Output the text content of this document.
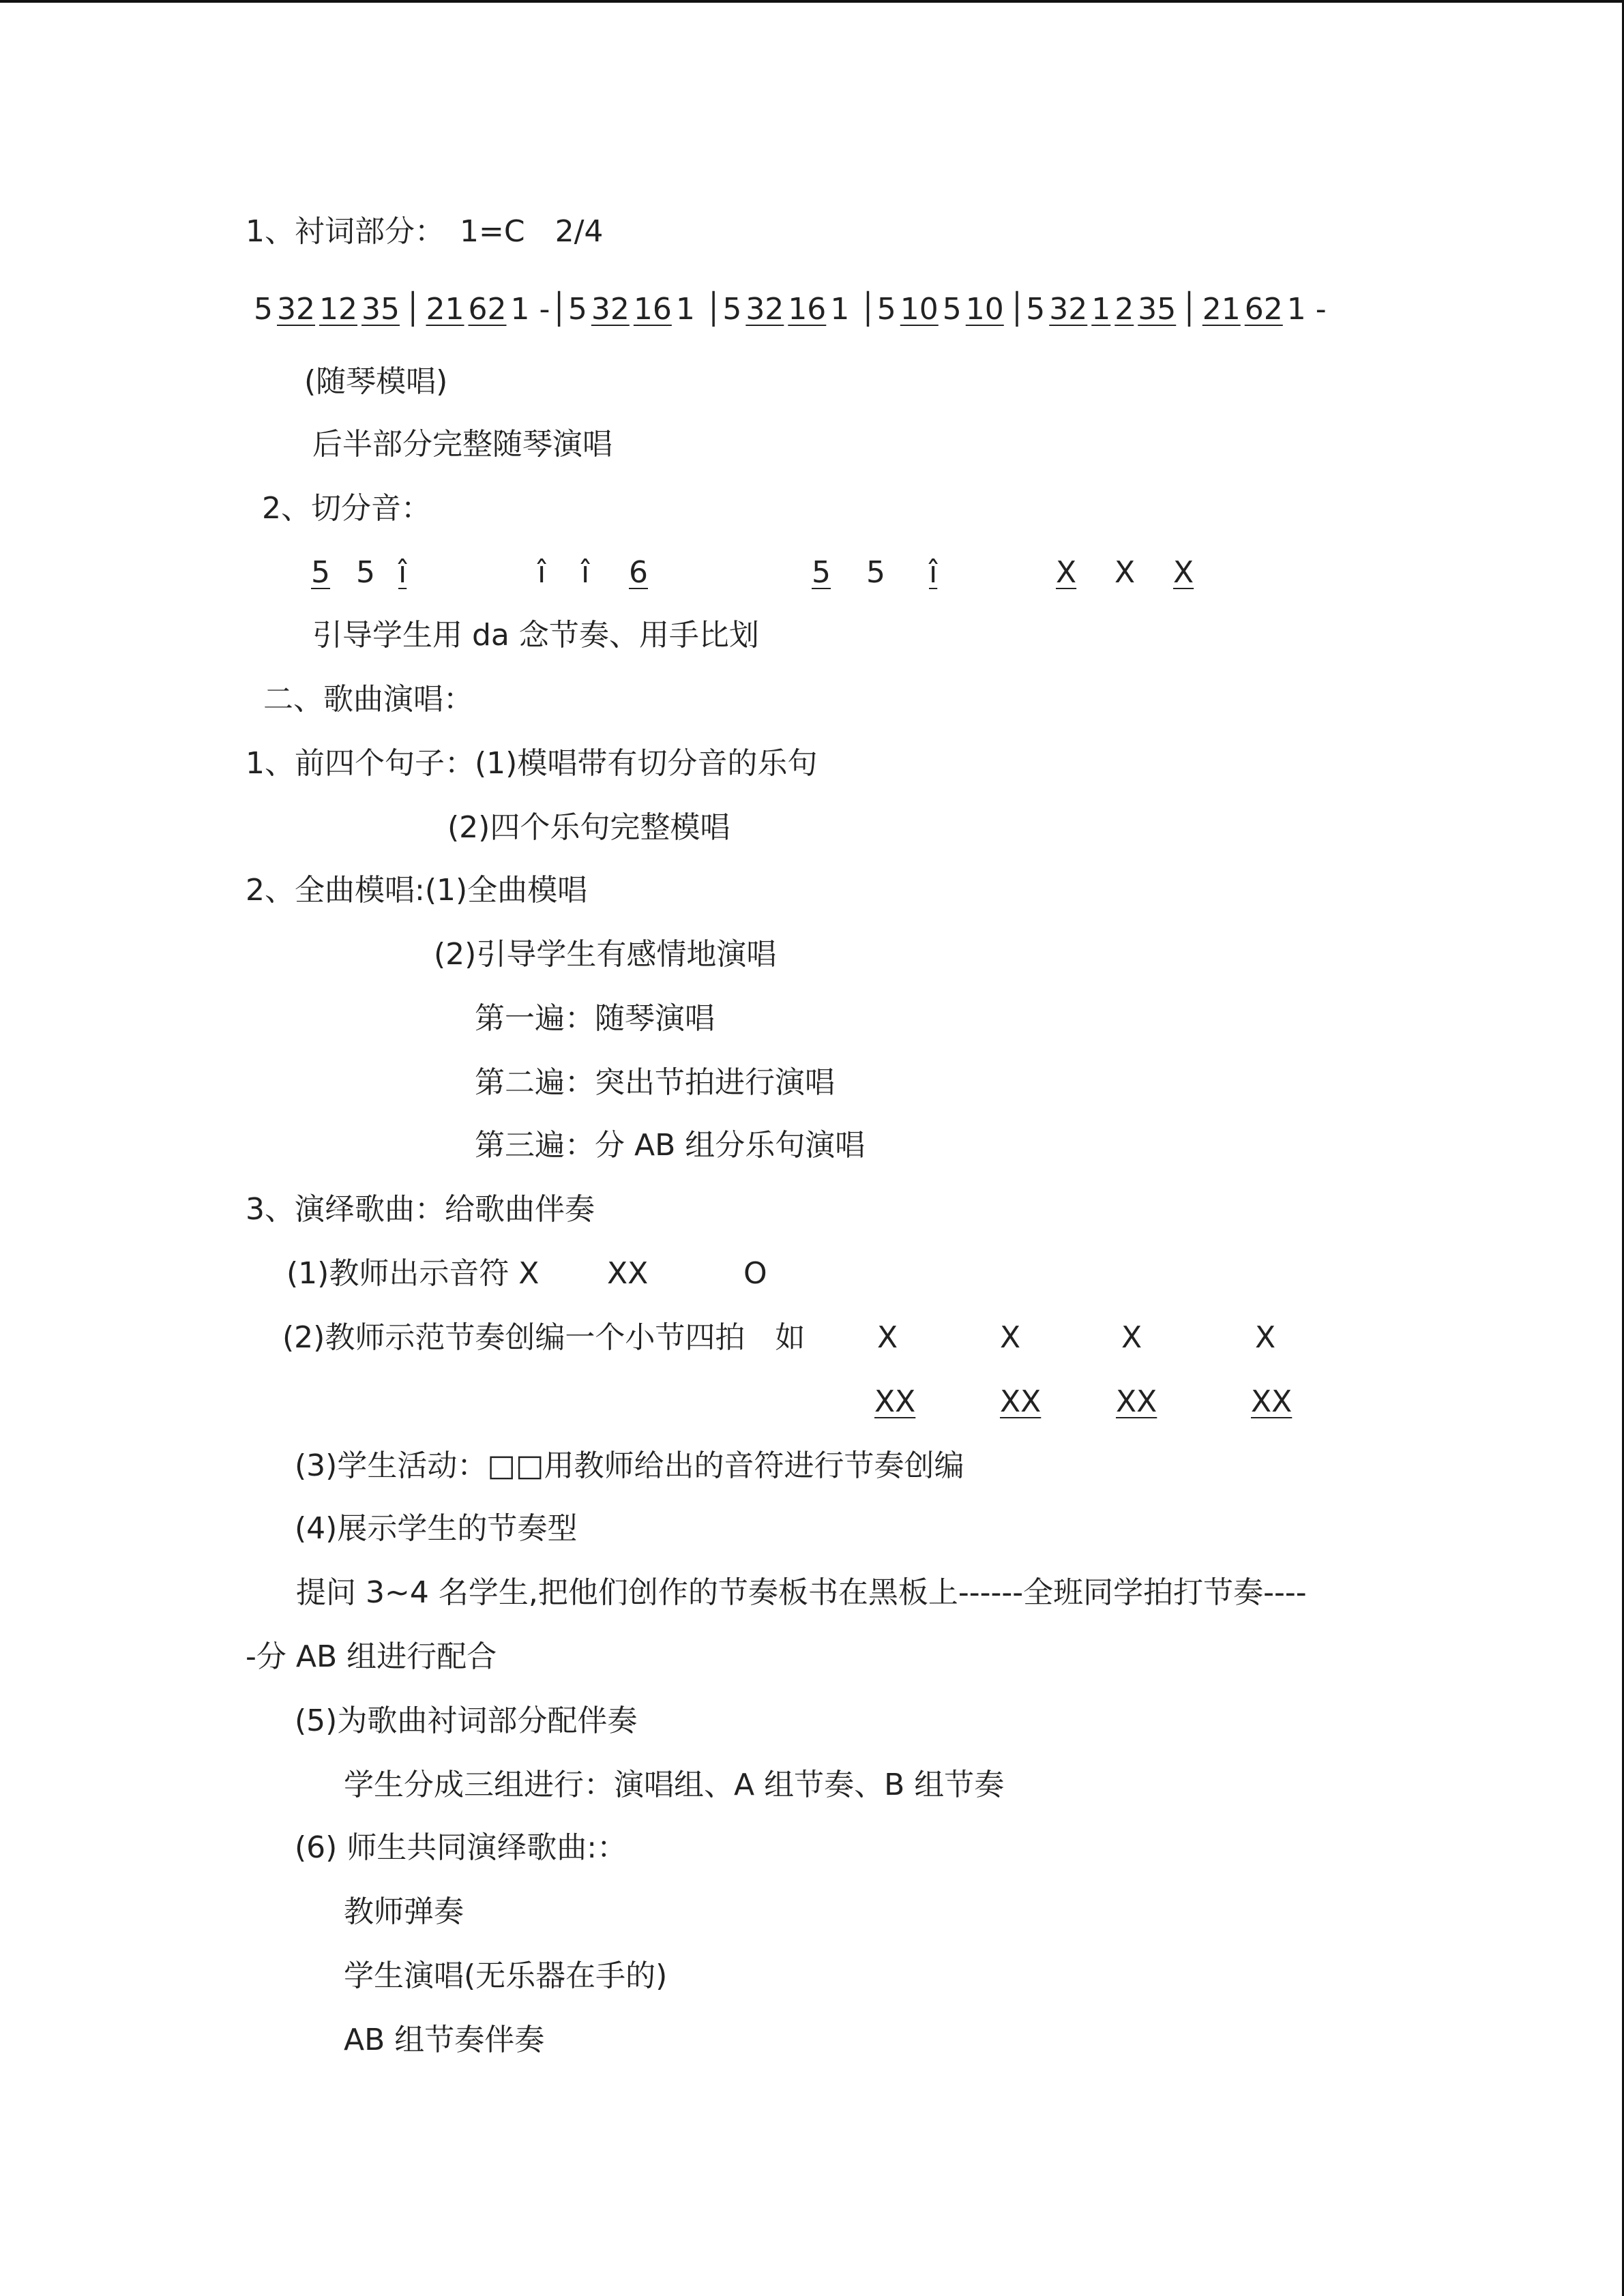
1、衬词部分：　1=C　2/4
5 32 12 35 │ 21 62 1 -│5 32 16 1 │5 32 16 1 │5 10 5 10 │5 32 1 2 35 │ 21 62 1 -
(随琴模唱)
后半部分完整随琴演唱
2、切分音：
5 5 î	î î 6	5 5 î	X X X
引导学生用 da 念节奏、用手比划
二、歌曲演唱：
1、前四个句子：(1)模唱带有切分音的乐句
(2)四个乐句完整模唱
2、全曲模唱:(1)全曲模唱
(2)引导学生有感情地演唱
第一遍：随琴演唱
第二遍：突出节拍进行演唱
第三遍：分 AB 组分乐句演唱
3、演绎歌曲：给歌曲伴奏
(1)教师出示音符 X XX	O
(2)教师示范节奏创编一个小节四拍　如 X	X	X	X
XX	XX XX	XX
(3)学生活动：□□用教师给出的音符进行节奏创编
(4)展示学生的节奏型
提问 3~4 名学生,把他们创作的节奏板书在黑板上------全班同学拍打节奏----
-分 AB 组进行配合
(5)为歌曲衬词部分配伴奏
学生分成三组进行：演唱组、A 组节奏、B 组节奏
(6) 师生共同演绎歌曲:：
教师弹奏
学生演唱(无乐器在手的)
AB 组节奏伴奏
